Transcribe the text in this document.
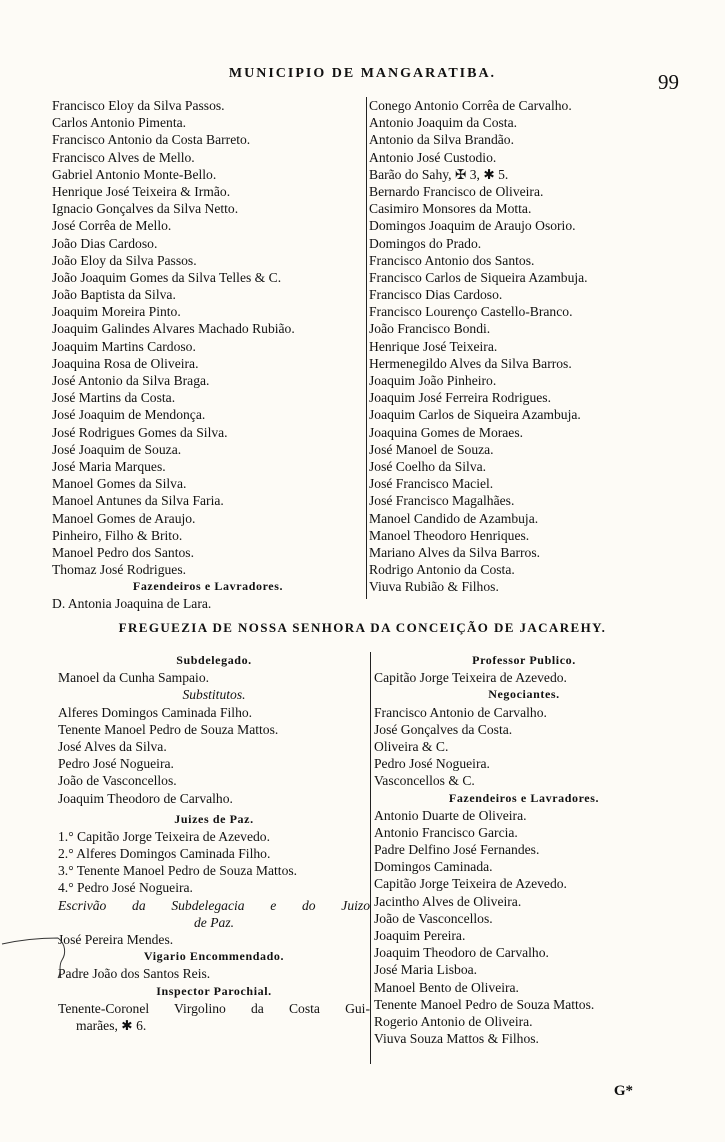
MUNICIPIO DE MANGARATIBA.	99
Francisco Eloy da Silva Passos.
Carlos Antonio Pimenta.
Francisco Antonio da Costa Barreto.
Francisco Alves de Mello.
Gabriel Antonio Monte-Bello.
Henrique José Teixeira & Irmão.
Ignacio Gonçalves da Silva Netto.
José Corrêa de Mello.
João Dias Cardoso.
João Eloy da Silva Passos.
João Joaquim Gomes da Silva Telles & C.
João Baptista da Silva.
Joaquim Moreira Pinto.
Joaquim Galindes Alvares Machado Rubião.
Joaquim Martins Cardoso.
Joaquina Rosa de Oliveira.
José Antonio da Silva Braga.
José Martins da Costa.
José Joaquim de Mendonça.
José Rodrigues Gomes da Silva.
José Joaquim de Souza.
José Maria Marques.
Manoel Gomes da Silva.
Manoel Antunes da Silva Faria.
Manoel Gomes de Araujo.
Pinheiro, Filho & Brito.
Manoel Pedro dos Santos.
Thomaz José Rodrigues.
Fazendeiros e Lavradores.
D. Antonia Joaquina de Lara.
Conego Antonio Corrêa de Carvalho.
Antonio Joaquim da Costa.
Antonio da Silva Brandão.
Antonio José Custodio.
Barão do Sahy, ✠ 3, ✱ 5.
Bernardo Francisco de Oliveira.
Casimiro Monsores da Motta.
Domingos Joaquim de Araujo Osorio.
Domingos do Prado.
Francisco Antonio dos Santos.
Francisco Carlos de Siqueira Azambuja.
Francisco Dias Cardoso.
Francisco Lourenço Castello-Branco.
João Francisco Bondi.
Henrique José Teixeira.
Hermenegildo Alves da Silva Barros.
Joaquim João Pinheiro.
Joaquim José Ferreira Rodrigues.
Joaquim Carlos de Siqueira Azambuja.
Joaquina Gomes de Moraes.
José Manoel de Souza.
José Coelho da Silva.
José Francisco Maciel.
José Francisco Magalhães.
Manoel Candido de Azambuja.
Manoel Theodoro Henriques.
Mariano Alves da Silva Barros.
Rodrigo Antonio da Costa.
Viuva Rubião & Filhos.
FREGUEZIA DE NOSSA SENHORA DA CONCEIÇÃO DE JACAREHY.
Subdelegado.
Manoel da Cunha Sampaio.
Substitutos.
Alferes Domingos Caminada Filho.
Tenente Manoel Pedro de Souza Mattos.
José Alves da Silva.
Pedro José Nogueira.
João de Vasconcellos.
Joaquim Theodoro de Carvalho.
Juizes de Paz.
1.° Capitão Jorge Teixeira de Azevedo.
2.° Alferes Domingos Caminada Filho.
3.° Tenente Manoel Pedro de Souza Mattos.
4.° Pedro José Nogueira.
Escrivão da Subdelegacia e do Juizo
de Paz.
José Pereira Mendes.
Vigario Encommendado.
Padre João dos Santos Reis.
Inspector Parochial.
Tenente-Coronel Virgolino da Costa Gui-
marães, ✱ 6.
Professor Publico.
Capitão Jorge Teixeira de Azevedo.
Negociantes.
Francisco Antonio de Carvalho.
José Gonçalves da Costa.
Oliveira & C.
Pedro José Nogueira.
Vasconcellos & C.
Fazendeiros e Lavradores.
Antonio Duarte de Oliveira.
Antonio Francisco Garcia.
Padre Delfino José Fernandes.
Domingos Caminada.
Capitão Jorge Teixeira de Azevedo.
Jacintho Alves de Oliveira.
João de Vasconcellos.
Joaquim Pereira.
Joaquim Theodoro de Carvalho.
José Maria Lisboa.
Manoel Bento de Oliveira.
Tenente Manoel Pedro de Souza Mattos.
Rogerio Antonio de Oliveira.
Viuva Souza Mattos & Filhos.
G*
